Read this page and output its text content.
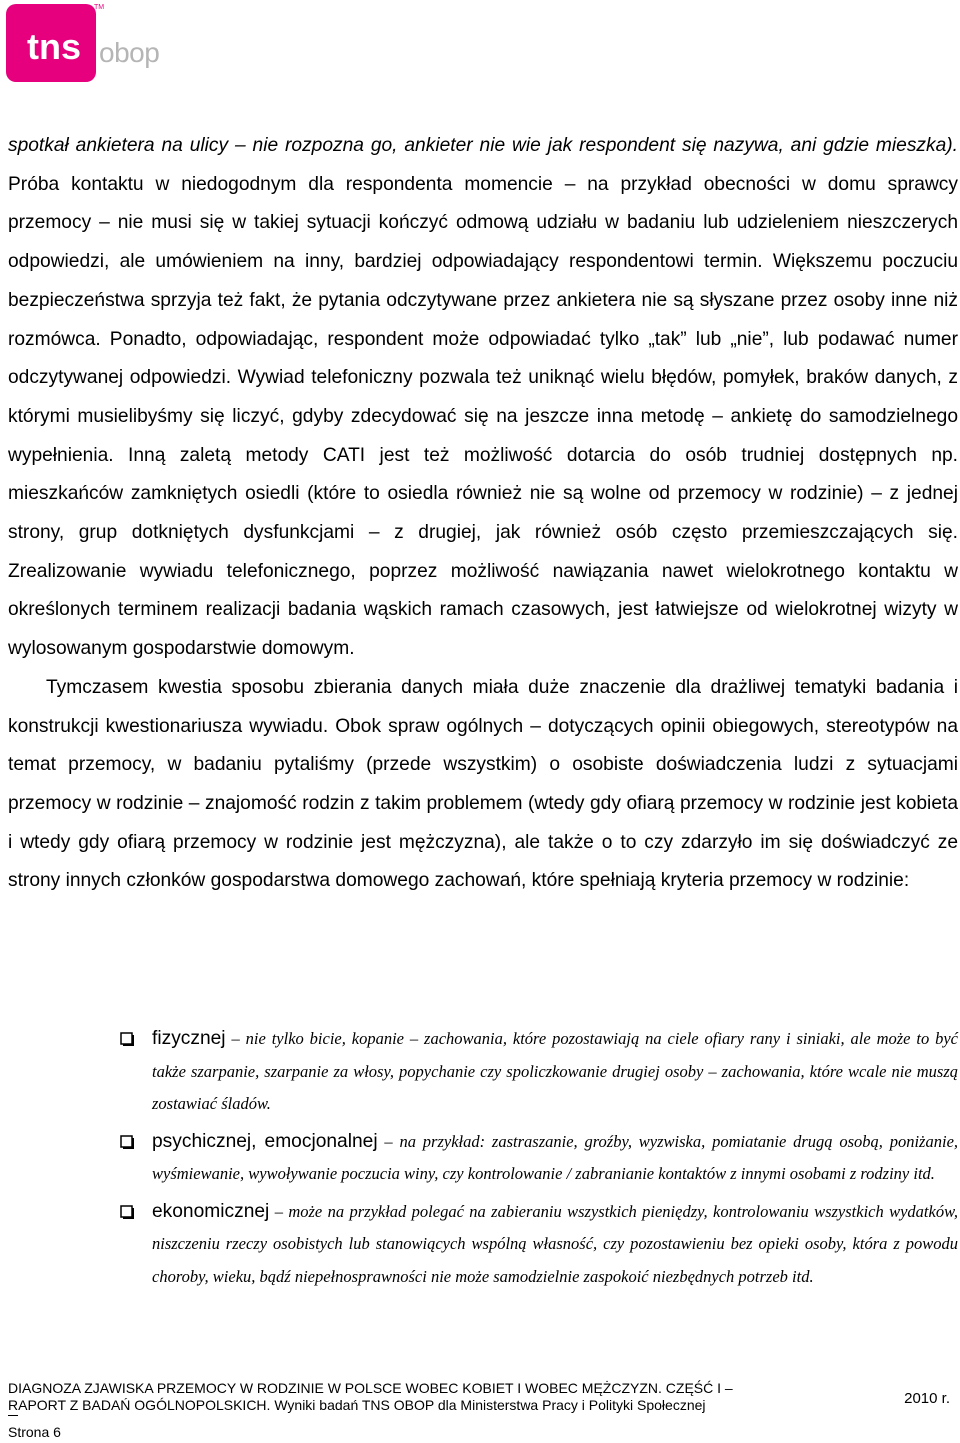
tns
TM
obop

spotkał ankietera na ulicy – nie rozpozna go, ankieter nie wie jak respondent się nazywa, ani gdzie mieszka). Próba kontaktu w niedogodnym dla respondenta momencie – na przykład obecności w domu sprawcy przemocy – nie musi się w takiej sytuacji kończyć odmową udziału w badaniu lub udzieleniem nieszczerych odpowiedzi, ale umówieniem na inny, bardziej odpowiadający respondentowi termin. Większemu poczuciu bezpieczeństwa sprzyja też fakt, że pytania odczytywane przez ankietera nie są słyszane przez osoby inne niż rozmówca. Ponadto, odpowiadając, respondent może odpowiadać tylko „tak” lub „nie”, lub podawać numer odczytywanej odpowiedzi. Wywiad telefoniczny pozwala też uniknąć wielu błędów, pomyłek, braków danych, z którymi musielibyśmy się liczyć, gdyby zdecydować się na jeszcze inna metodę – ankietę do samodzielnego wypełnienia. Inną zaletą metody CATI jest też możliwość dotarcia do osób trudniej dostępnych np. mieszkańców zamkniętych osiedli (które to osiedla również nie są wolne od przemocy w rodzinie) – z jednej strony, grup dotkniętych dysfunkcjami – z drugiej, jak również osób często przemieszczających się. Zrealizowanie wywiadu telefonicznego, poprzez możliwość nawiązania nawet wielokrotnego kontaktu w określonych terminem realizacji badania wąskich ramach czasowych, jest łatwiejsze od wielokrotnej wizyty w wylosowanym gospodarstwie domowym.

Tymczasem kwestia sposobu zbierania danych miała duże znaczenie dla drażliwej tematyki badania i konstrukcji kwestionariusza wywiadu. Obok spraw ogólnych – dotyczących opinii obiegowych, stereotypów na temat przemocy, w badaniu pytaliśmy (przede wszystkim) o osobiste doświadczenia ludzi z sytuacjami przemocy w rodzinie – znajomość rodzin z takim problemem (wtedy gdy ofiarą przemocy w rodzinie jest kobieta i wtedy gdy ofiarą przemocy w rodzinie jest mężczyzna), ale także o to czy zdarzyło im się doświadczyć ze strony innych członków gospodarstwa domowego zachowań, które spełniają kryteria przemocy w rodzinie:

fizycznej – nie tylko bicie, kopanie – zachowania, które pozostawiają na ciele ofiary rany i siniaki, ale może to być także szarpanie, szarpanie za włosy, popychanie czy spoliczkowanie drugiej osoby – zachowania, które wcale nie muszą zostawiać śladów.
psychicznej, emocjonalnej – na przykład: zastraszanie, groźby, wyzwiska, pomiatanie drugą osobą, poniżanie, wyśmiewanie, wywoływanie poczucia winy, czy kontrolowanie / zabranianie kontaktów z innymi osobami z rodziny itd.
ekonomicznej – może na przykład polegać na zabieraniu wszystkich pieniędzy, kontrolowaniu wszystkich wydatków, niszczeniu rzeczy osobistych lub stanowiących wspólną własność, czy pozostawieniu bez opieki osoby, która z powodu choroby, wieku, bądź niepełnosprawności nie może samodzielnie zaspokoić niezbędnych potrzeb itd.
DIAGNOZA ZJAWISKA PRZEMOCY W RODZINIE W POLSCE WOBEC KOBIET I WOBEC MĘŻCZYZN. CZĘŚĆ I – RAPORT Z BADAŃ OGÓLNOPOLSKICH. Wyniki badań TNS OBOP dla Ministerstwa Pracy i Polityki Społecznej	2010 r.
Strona 6
